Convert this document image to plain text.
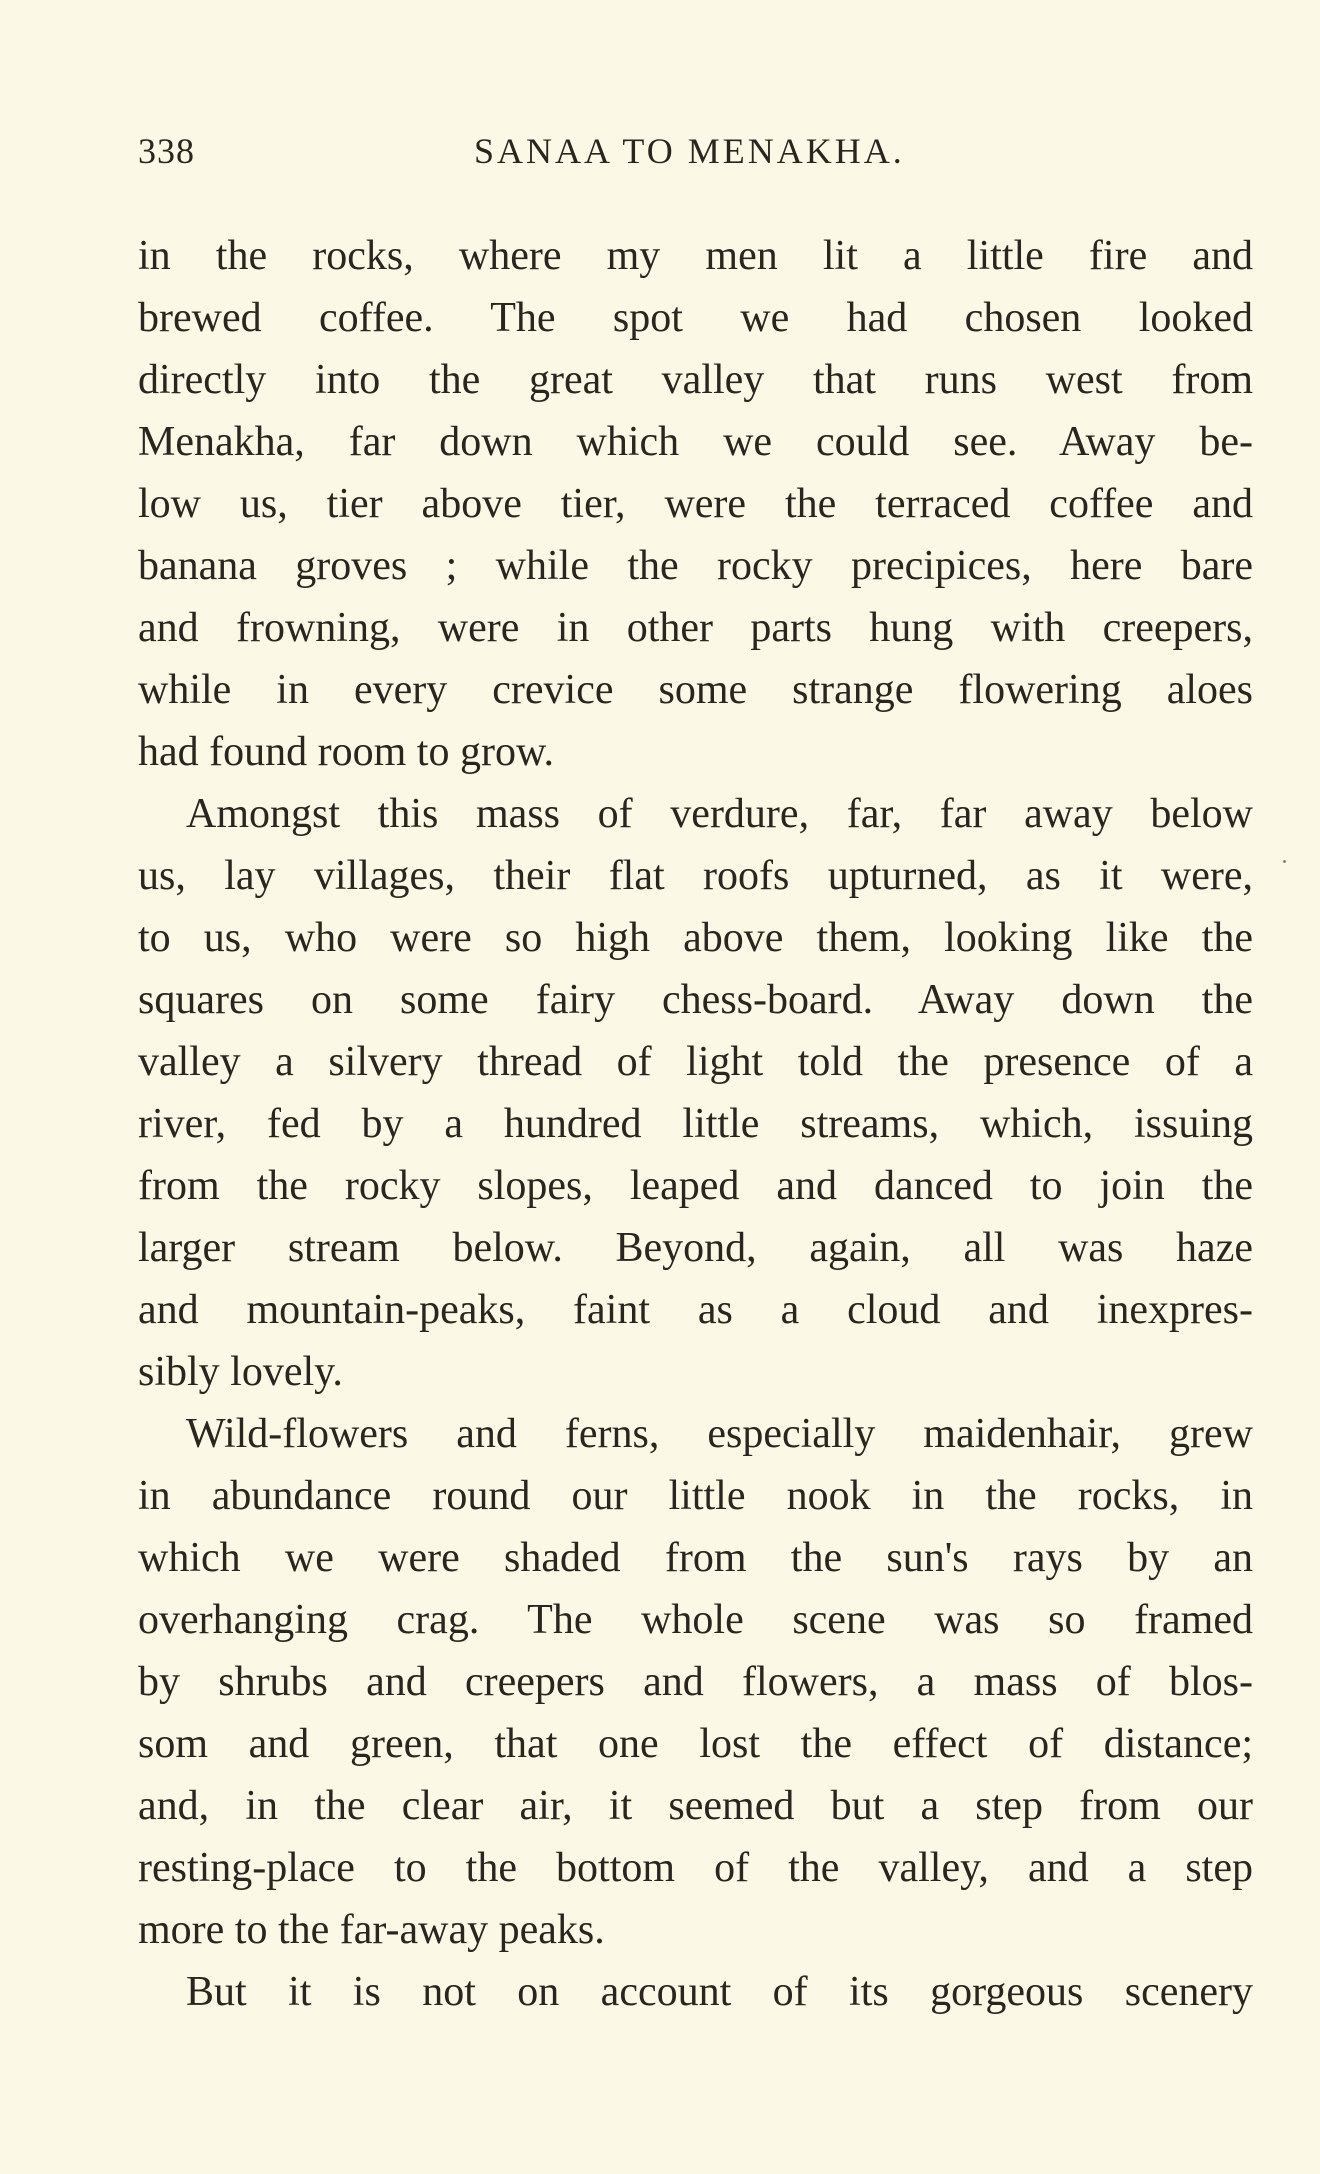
338	SANAA TO MENAKHA.
in the rocks, where my men lit a little fire and
brewed coffee. The spot we had chosen looked
directly into the great valley that runs west from
Menakha, far down which we could see. Away be-
low us, tier above tier, were the terraced coffee and
banana groves ; while the rocky precipices, here bare
and frowning, were in other parts hung with creepers,
while in every crevice some strange flowering aloes
had found room to grow.
Amongst this mass of verdure, far, far away below
us, lay villages, their flat roofs upturned, as it were,
to us, who were so high above them, looking like the
squares on some fairy chess-board. Away down the
valley a silvery thread of light told the presence of a
river, fed by a hundred little streams, which, issuing
from the rocky slopes, leaped and danced to join the
larger stream below. Beyond, again, all was haze
and mountain-peaks, faint as a cloud and inexpres-
sibly lovely.
Wild-flowers and ferns, especially maidenhair, grew
in abundance round our little nook in the rocks, in
which we were shaded from the sun's rays by an
overhanging crag. The whole scene was so framed
by shrubs and creepers and flowers, a mass of blos-
som and green, that one lost the effect of distance;
and, in the clear air, it seemed but a step from our
resting-place to the bottom of the valley, and a step
more to the far-away peaks.
But it is not on account of its gorgeous scenery
